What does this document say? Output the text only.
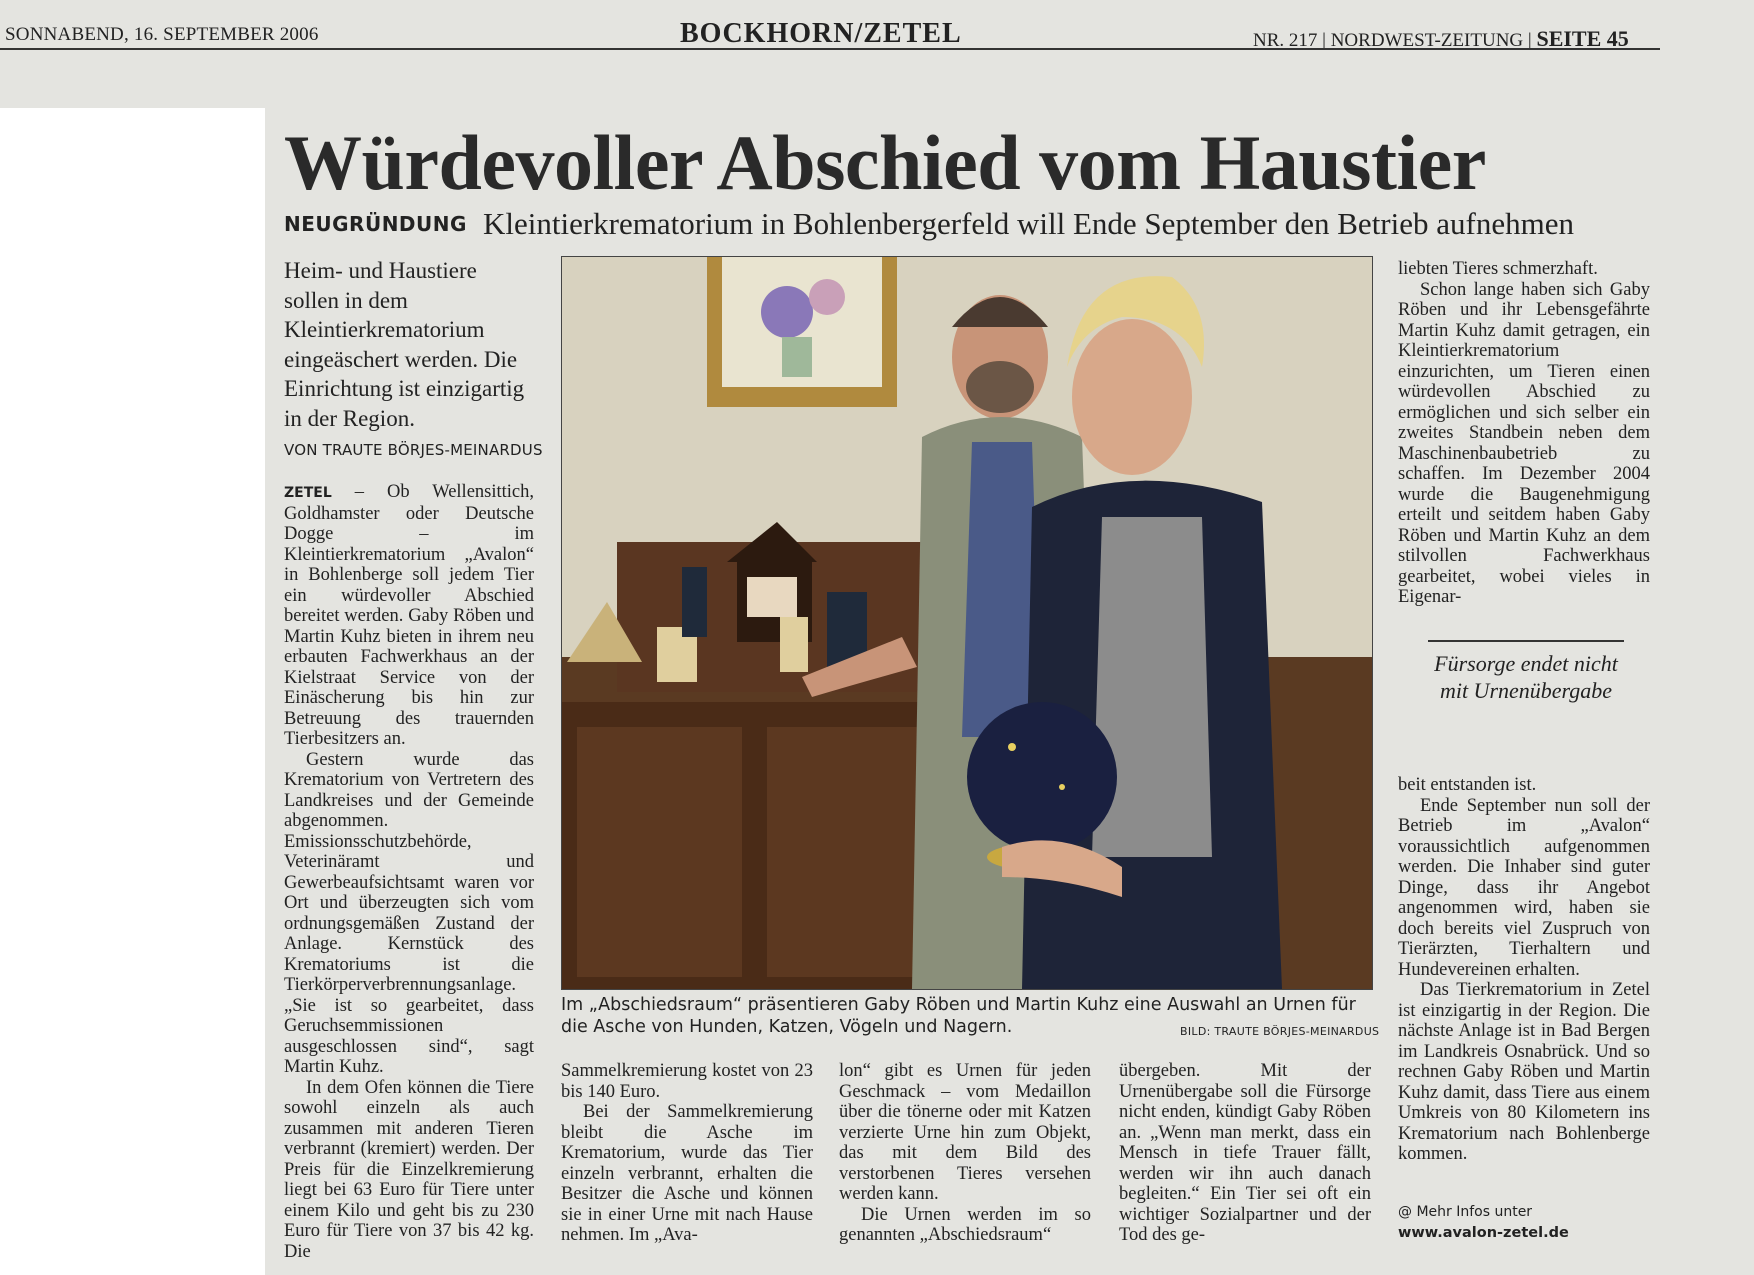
SONNABEND, 16. SEPTEMBER 2006	BOCKHORN/ZETEL	NR. 217 | NORDWEST-ZEITUNG | SEITE 45
Würdevoller Abschied vom Haustier
NEUGRÜNDUNG Kleintierkrematorium in Bohlenbergerfeld will Ende September den Betrieb aufnehmen
Heim- und Haustiere sollen in dem Kleintierkrematorium eingeäschert werden. Die Einrichtung ist einzigartig in der Region.
VON TRAUTE BÖRJES-MEINARDUS

ZETEL – Ob Wellensittich, Goldhamster oder Deutsche Dogge – im Kleintierkrematorium „Avalon“ in Bohlenberge soll jedem Tier ein würdevoller Abschied bereitet werden. Gaby Röben und Martin Kuhz bieten in ihrem neu erbauten Fachwerkhaus an der Kielstraat Service von der Einäscherung bis hin zur Betreuung des trauernden Tierbesitzers an.

Gestern wurde das Krematorium von Vertretern des Landkreises und der Gemeinde abgenommen. Emissionsschutzbehörde, Veterinäramt und Gewerbeaufsichtsamt waren vor Ort und überzeugten sich vom ordnungsgemäßen Zustand der Anlage. Kernstück des Krematoriums ist die Tierkörperverbrennungsanlage. „Sie ist so gearbeitet, dass Geruchsemmissionen ausgeschlossen sind“, sagt Martin Kuhz.

In dem Ofen können die Tiere sowohl einzeln als auch zusammen mit anderen Tieren verbrannt (kremiert) werden. Der Preis für die Einzelkremierung liegt bei 63 Euro für Tiere unter einem Kilo und geht bis zu 230 Euro für Tiere von 37 bis 42 kg. Die

Im „Abschiedsraum“ präsentieren Gaby Röben und Martin Kuhz eine Auswahl an Urnen für die Asche von Hunden, Katzen, Vögeln und Nagern.	BILD: TRAUTE BÖRJES-MEINARDUS

Sammelkremierung kostet von 23 bis 140 Euro.

Bei der Sammelkremierung bleibt die Asche im Krematorium, wurde das Tier einzeln verbrannt, erhalten die Besitzer die Asche und können sie in einer Urne mit nach Hause nehmen. Im „Ava-

lon“ gibt es Urnen für jeden Geschmack – vom Medaillon über die tönerne oder mit Katzen verzierte Urne hin zum Objekt, das mit dem Bild des verstorbenen Tieres versehen werden kann.

Die Urnen werden im so genannten „Abschiedsraum“

übergeben. Mit der Urnenübergabe soll die Fürsorge nicht enden, kündigt Gaby Röben an. „Wenn man merkt, dass ein Mensch in tiefe Trauer fällt, werden wir ihn auch danach begleiten.“ Ein Tier sei oft ein wichtiger Sozialpartner und der Tod des ge-

liebten Tieres schmerzhaft.

Schon lange haben sich Gaby Röben und ihr Lebensgefährte Martin Kuhz damit getragen, ein Kleintierkrematorium einzurichten, um Tieren einen würdevollen Abschied zu ermöglichen und sich selber ein zweites Standbein neben dem Maschinenbaubetrieb zu schaffen. Im Dezember 2004 wurde die Baugenehmigung erteilt und seitdem haben Gaby Röben und Martin Kuhz an dem stilvollen Fachwerkhaus gearbeitet, wobei vieles in Eigenar-

Fürsorge endet nicht mit Urnenübergabe

beit entstanden ist.

Ende September nun soll der Betrieb im „Avalon“ voraussichtlich aufgenommen werden. Die Inhaber sind guter Dinge, dass ihr Angebot angenommen wird, haben sie doch bereits viel Zuspruch von Tierärzten, Tierhaltern und Hundevereinen erhalten.

Das Tierkrematorium in Zetel ist einzigartig in der Region. Die nächste Anlage ist in Bad Bergen im Landkreis Osnabrück. Und so rechnen Gaby Röben und Martin Kuhz damit, dass Tiere aus einem Umkreis von 80 Kilometern ins Krematorium nach Bohlenberge kommen.

@ Mehr Infos unter
www.avalon-zetel.de
